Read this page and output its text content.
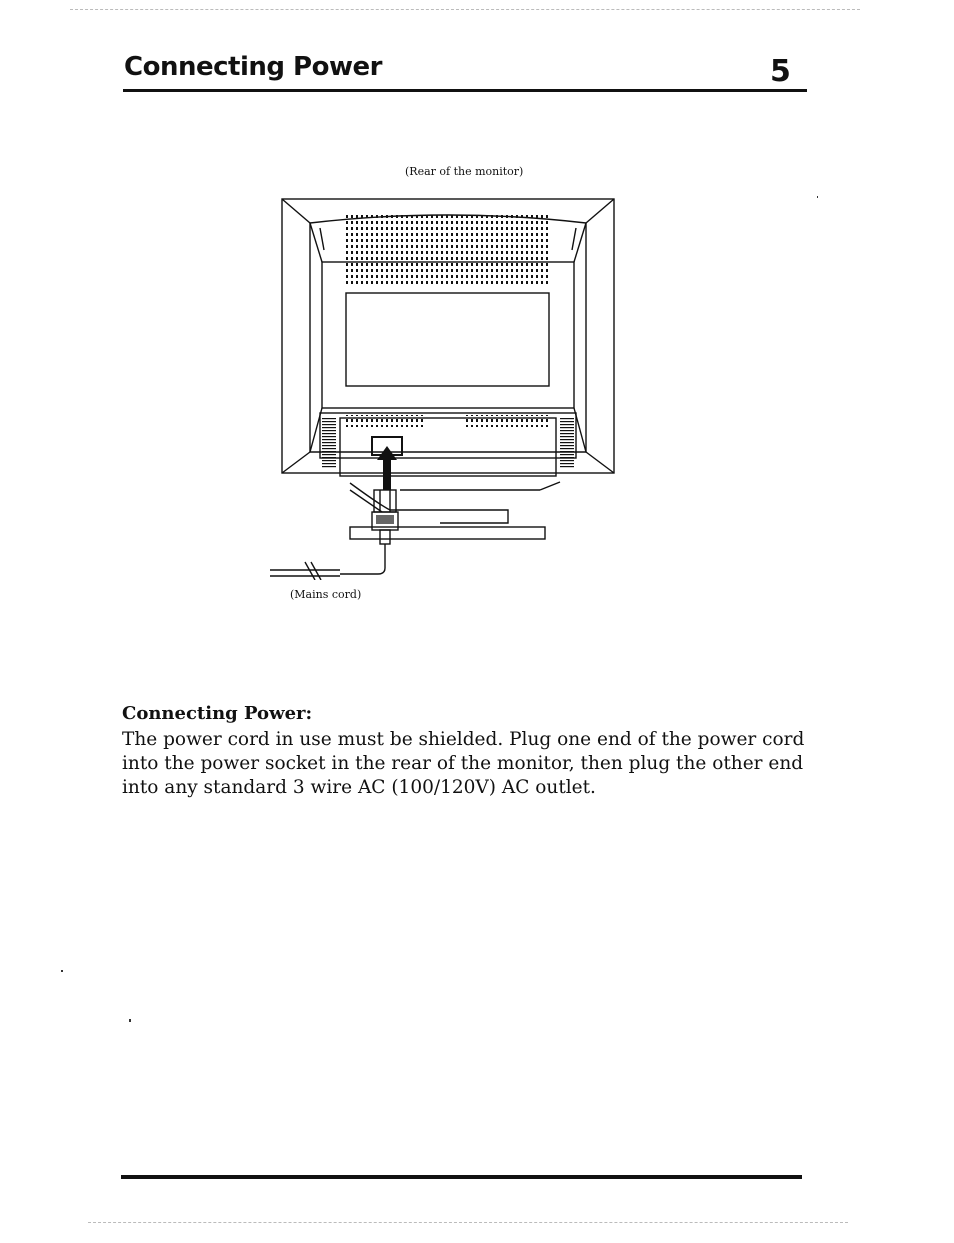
Connecting Power	5
(Rear of the monitor)
(Mains cord)
Connecting Power:
The power cord in use must be shielded. Plug one end of the power cord into the power socket in the rear of the monitor, then plug the other end into any standard 3 wire AC (100/120V) AC outlet.
